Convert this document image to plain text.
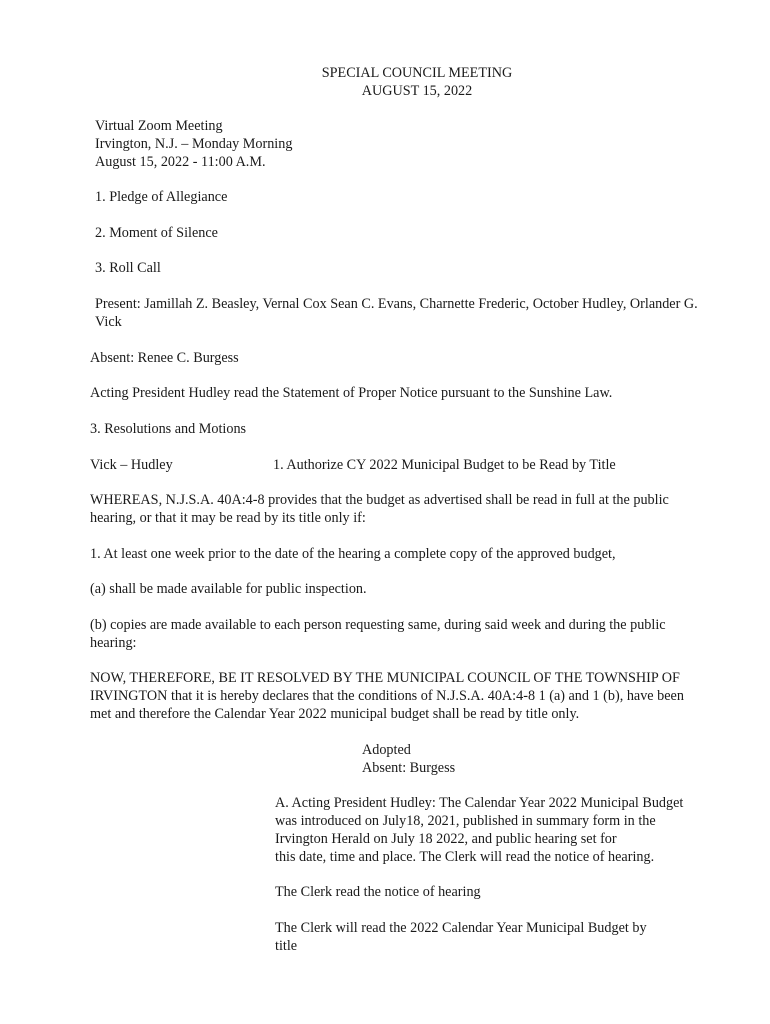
SPECIAL COUNCIL MEETING
AUGUST 15, 2022
Virtual Zoom Meeting
Irvington, N.J. – Monday Morning
August 15, 2022 - 11:00 A.M.
1. Pledge of Allegiance
2. Moment of Silence
3. Roll Call
Present: Jamillah Z. Beasley, Vernal Cox Sean C. Evans, Charnette Frederic, October Hudley, Orlander G.
Vick
Absent: Renee C. Burgess
Acting President Hudley read the Statement of Proper Notice pursuant to the Sunshine Law.
3. Resolutions and Motions
Vick – Hudley	1. Authorize CY 2022 Municipal Budget to be Read by Title
WHEREAS, N.J.S.A. 40A:4-8 provides that the budget as advertised shall be read in full at the public
hearing, or that it may be read by its title only if:
1. At least one week prior to the date of the hearing a complete copy of the approved budget,
(a) shall be made available for public inspection.
(b) copies are made available to each person requesting same, during said week and during the public
hearing:
NOW, THEREFORE, BE IT RESOLVED BY THE MUNICIPAL COUNCIL OF THE TOWNSHIP OF
IRVINGTON that it is hereby declares that the conditions of N.J.S.A. 40A:4-8 1 (a) and 1 (b), have been
met and therefore the Calendar Year 2022 municipal budget shall be read by title only.
Adopted
Absent: Burgess
A. Acting President Hudley: The Calendar Year 2022 Municipal Budget
was introduced on July18, 2021, published in summary form in the
Irvington Herald on July 18 2022, and public hearing set for
this date, time and place. The Clerk will read the notice of hearing.
The Clerk read the notice of hearing
The Clerk will read the 2022 Calendar Year Municipal Budget by
title
